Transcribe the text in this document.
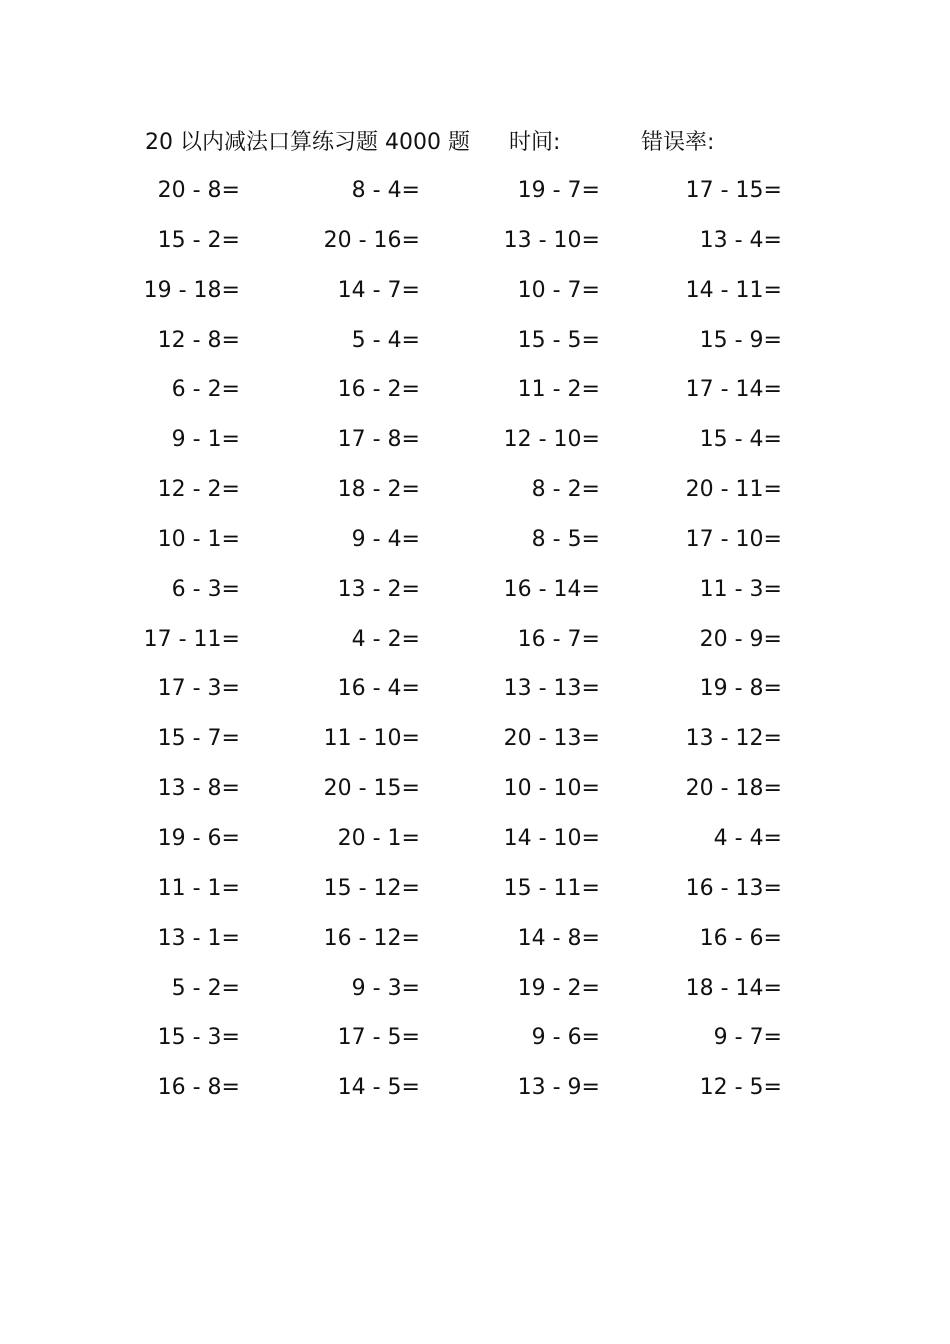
20 以内减法口算练习题 4000 题 时间:	错误率:
20 - 8=	8 - 4=	19 - 7=	17 - 15=
15 - 2=	20 - 16=	13 - 10=	13 - 4=
19 - 18=	14 - 7=	10 - 7=	14 - 11=
12 - 8=	5 - 4=	15 - 5=	15 - 9=
6 - 2=	16 - 2=	11 - 2=	17 - 14=
9 - 1=	17 - 8=	12 - 10=	15 - 4=
12 - 2=	18 - 2=	8 - 2=	20 - 11=
10 - 1=	9 - 4=	8 - 5=	17 - 10=
6 - 3=	13 - 2=	16 - 14=	11 - 3=
17 - 11=	4 - 2=	16 - 7=	20 - 9=
17 - 3=	16 - 4=	13 - 13=	19 - 8=
15 - 7=	11 - 10=	20 - 13=	13 - 12=
13 - 8=	20 - 15=	10 - 10=	20 - 18=
19 - 6=	20 - 1=	14 - 10=	4 - 4=
11 - 1=	15 - 12=	15 - 11=	16 - 13=
13 - 1=	16 - 12=	14 - 8=	16 - 6=
5 - 2=	9 - 3=	19 - 2=	18 - 14=
15 - 3=	17 - 5=	9 - 6=	9 - 7=
16 - 8=	14 - 5=	13 - 9=	12 - 5=
